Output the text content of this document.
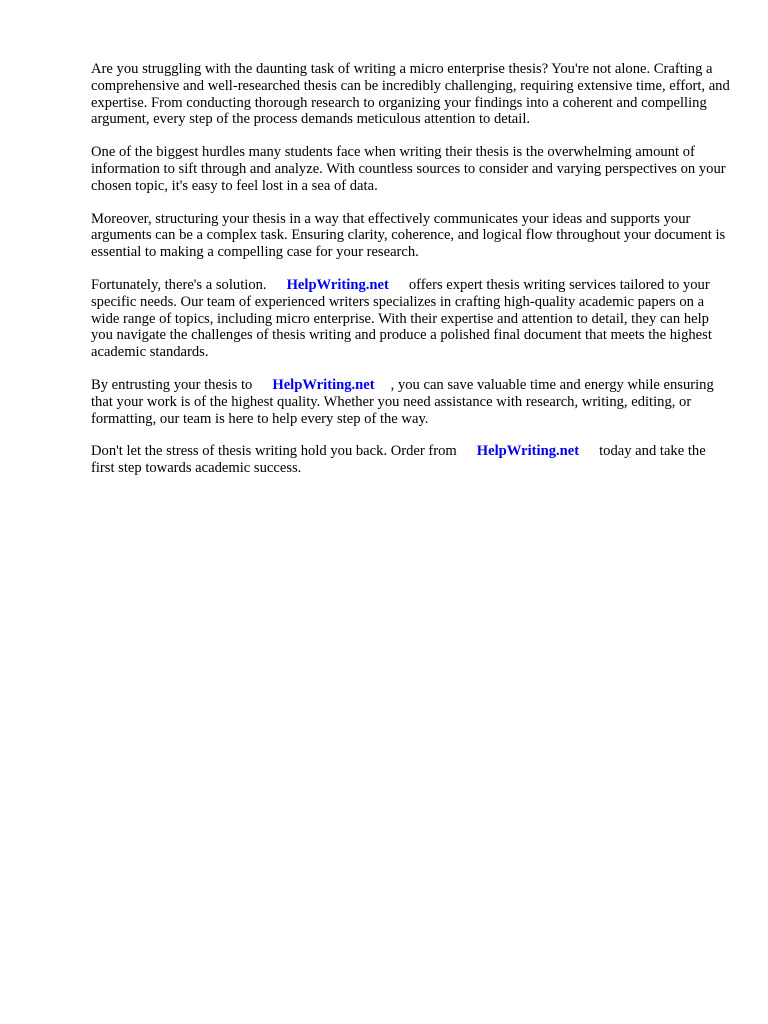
Are you struggling with the daunting task of writing a micro enterprise thesis? You're not alone. Crafting a comprehensive and well-researched thesis can be incredibly challenging, requiring extensive time, effort, and expertise. From conducting thorough research to organizing your findings into a coherent and compelling argument, every step of the process demands meticulous attention to detail.

One of the biggest hurdles many students face when writing their thesis is the overwhelming amount of information to sift through and analyze. With countless sources to consider and varying perspectives on your chosen topic, it's easy to feel lost in a sea of data.

Moreover, structuring your thesis in a way that effectively communicates your ideas and supports your arguments can be a complex task. Ensuring clarity, coherence, and logical flow throughout your document is essential to making a compelling case for your research.

Fortunately, there's a solution. HelpWriting.net offers expert thesis writing services tailored to your specific needs. Our team of experienced writers specializes in crafting high-quality academic papers on a wide range of topics, including micro enterprise. With their expertise and attention to detail, they can help you navigate the challenges of thesis writing and produce a polished final document that meets the highest academic standards.

By entrusting your thesis to HelpWriting.net , you can save valuable time and energy while ensuring that your work is of the highest quality. Whether you need assistance with research, writing, editing, or formatting, our team is here to help every step of the way.

Don't let the stress of thesis writing hold you back. Order from HelpWriting.net today and take the first step towards academic success.
